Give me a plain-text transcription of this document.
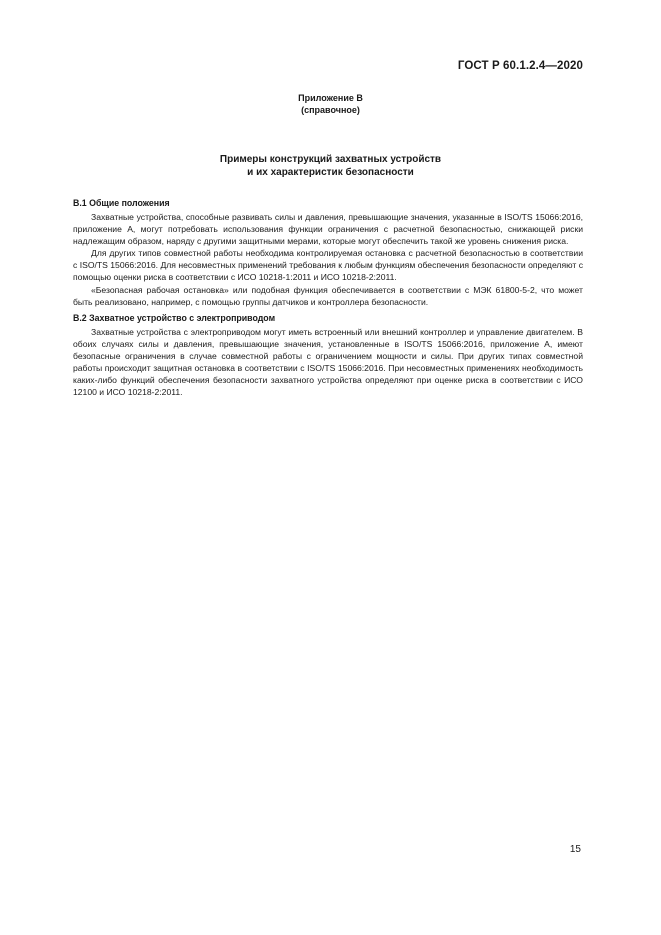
ГОСТ Р 60.1.2.4—2020
Приложение В
(справочное)
Примеры конструкций захватных устройств
и их характеристик безопасности
В.1 Общие положения

Захватные устройства, способные развивать силы и давления, превышающие значения, указанные в ISO/TS 15066:2016, приложение A, могут потребовать использования функции ограничения с расчетной безопасностью, снижающей риски надлежащим образом, наряду с другими защитными мерами, которые могут обеспечить такой же уровень снижения риска.

Для других типов совместной работы необходима контролируемая остановка с расчетной безопасностью в соответствии с ISO/TS 15066:2016. Для несовместных применений требования к любым функциям обеспечения безопасности определяют с помощью оценки риска в соответствии с ИСО 10218-1:2011 и ИСО 10218-2:2011.

«Безопасная рабочая остановка» или подобная функция обеспечивается в соответствии с МЭК 61800-5-2, что может быть реализовано, например, с помощью группы датчиков и контроллера безопасности.

В.2 Захватное устройство с электроприводом

Захватные устройства с электроприводом могут иметь встроенный или внешний контроллер и управление двигателем. В обоих случаях силы и давления, превышающие значения, установленные в ISO/TS 15066:2016, приложение A, имеют безопасные ограничения в случае совместной работы с ограничением мощности и силы. При других типах совместной работы происходит защитная остановка в соответствии с ISO/TS 15066:2016. При несовместных применениях необходимость каких-либо функций обеспечения безопасности захватного устройства определяют при оценке риска в соответствии с ИСО 12100 и ИСО 10218-2:2011.

15
